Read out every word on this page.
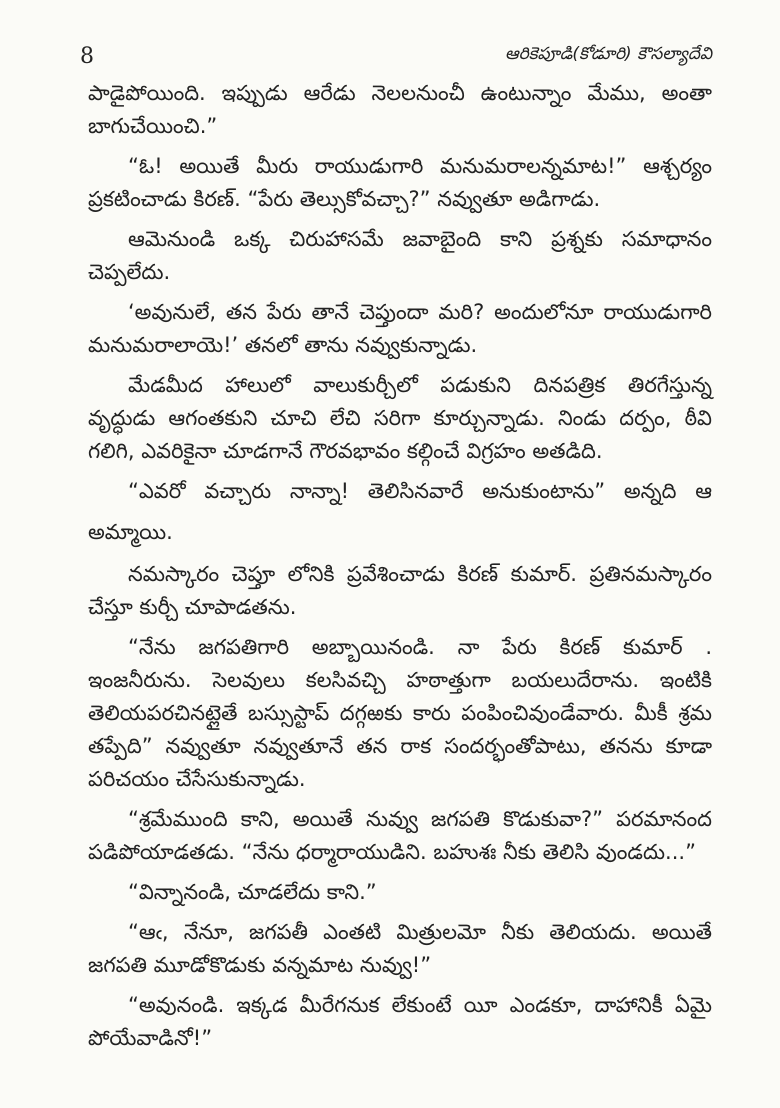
8	ఆరికెపూడి(కోడూరి) కౌసల్యాదేవి
పాడైపోయింది. ఇప్పుడు ఆరేడు నెలలనుంచీ ఉంటున్నాం మేము, అంతా
బాగుచేయించి.”
“ఓ! అయితే మీరు రాయుడుగారి మనుమరాలన్నమాట!” ఆశ్చర్యం
ప్రకటించాడు కిరణ్. “పేరు తెల్సుకోవచ్చా?” నవ్వుతూ అడిగాడు.
ఆమెనుండి ఒక్క చిరుహాసమే జవాబైంది కాని ప్రశ్నకు సమాధానం
చెప్పలేదు.
‘అవునులే, తన పేరు తానే చెప్తుందా మరి? అందులోనూ రాయుడుగారి
మనుమరాలాయె!’ తనలో తాను నవ్వుకున్నాడు.
మేడమీద హాలులో వాలుకుర్చీలో పడుకుని దినపత్రిక తిరగేస్తున్న
వృద్ధుడు ఆగంతకుని చూచి లేచి సరిగా కూర్చున్నాడు. నిండు దర్పం, ఠీవి
గలిగి, ఎవరికైనా చూడగానే గౌరవభావం కల్గించే విగ్రహం అతడిది.
“ఎవరో వచ్చారు నాన్నా! తెలిసినవారే అనుకుంటాను” అన్నది ఆ
అమ్మాయి.
నమస్కారం చెప్తూ లోనికి ప్రవేశించాడు కిరణ్ కుమార్. ప్రతినమస్కారం
చేస్తూ కుర్చీ చూపాడతను.
“నేను జగపతిగారి అబ్బాయినండి. నా పేరు కిరణ్ కుమార్ .
ఇంజనీరును. సెలవులు కలసివచ్చి హఠాత్తుగా బయలుదేరాను. ఇంటికి
తెలియపరచినట్లైతే బస్సుస్టాప్ దగ్గఱకు కారు పంపించివుండేవారు. మీకీ శ్రమ
తప్పేది” నవ్వుతూ నవ్వుతూనే తన రాక సందర్భంతోపాటు, తనను కూడా
పరిచయం చేసేసుకున్నాడు.
“శ్రమేముంది కాని, అయితే నువ్వు జగపతి కొడుకువా?” పరమానంద
పడిపోయాడతడు. “నేను ధర్మారాయుడిని. బహుశః నీకు తెలిసి వుండదు...”
“విన్నానండి, చూడలేదు కాని.”
“ఆఁ, నేనూ, జగపతీ ఎంతటి మిత్రులమో నీకు తెలియదు. అయితే
జగపతి మూడోకొడుకు వన్నమాట నువ్వు!”
“అవునండి. ఇక్కడ మీరేగనుక లేకుంటే యీ ఎండకూ, దాహానికీ ఏమై
పోయేవాడినో!”
